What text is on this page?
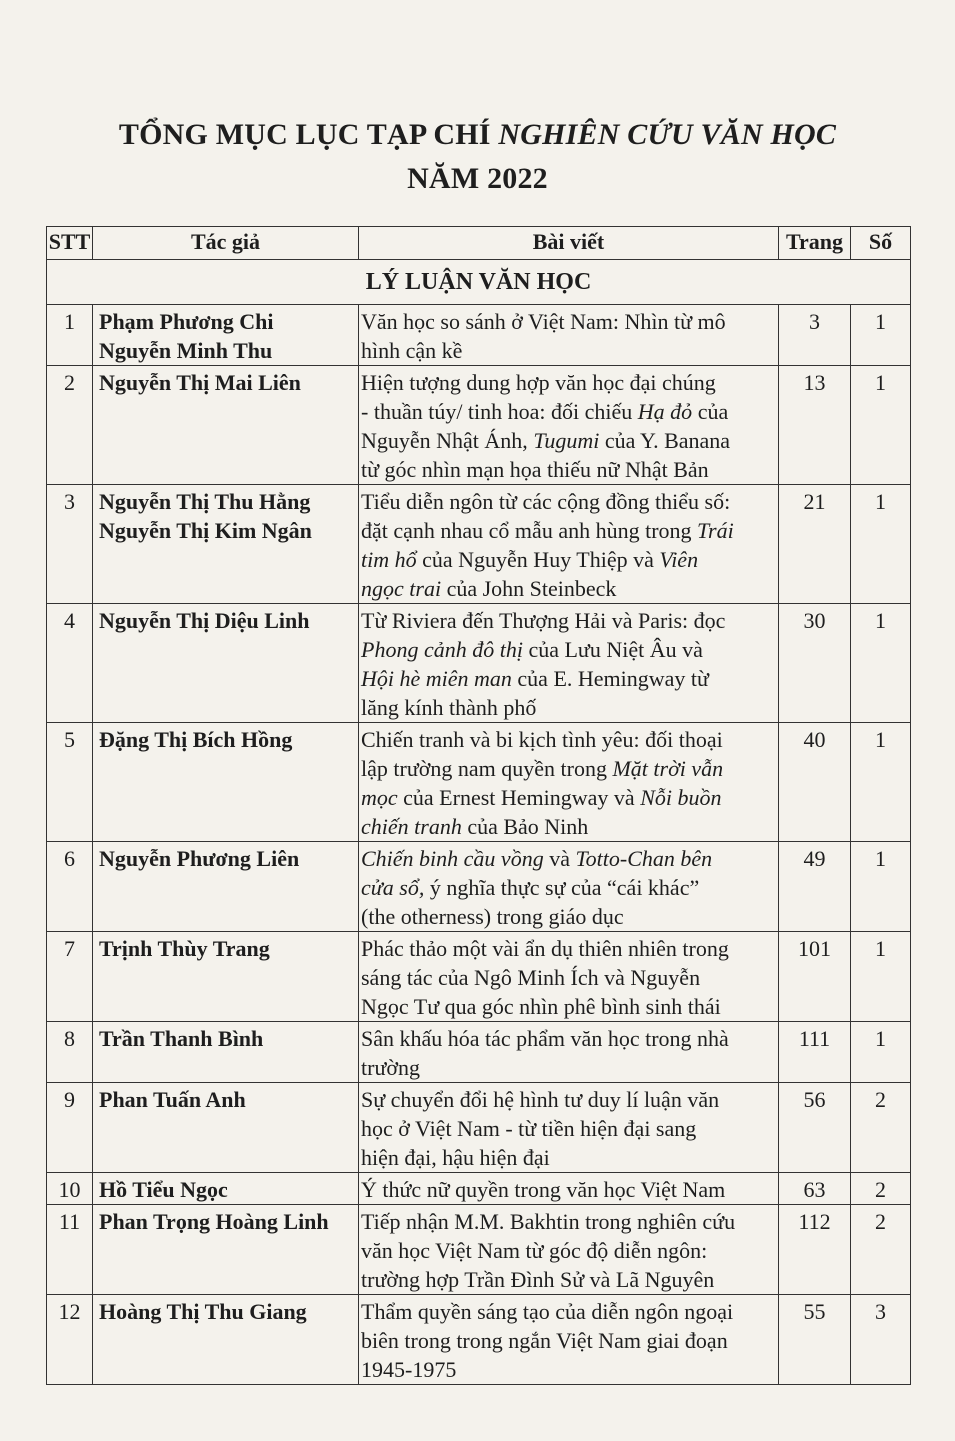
TỔNG MỤC LỤC TẠP CHÍ NGHIÊN CỨU VĂN HỌC
NĂM 2022
STT	Tác giả	Bài viết	Trang	Số
LÝ LUẬN VĂN HỌC				
1	Phạm Phương Chi
Nguyễn Minh Thu	Văn học so sánh ở Việt Nam: Nhìn từ mô
hình cận kề	3	1
2	Nguyễn Thị Mai Liên	Hiện tượng dung hợp văn học đại chúng
- thuần túy/ tinh hoa: đối chiếu Hạ đỏ của
Nguyễn Nhật Ánh, Tugumi của Y. Banana
từ góc nhìn mạn họa thiếu nữ Nhật Bản	13	1
3	Nguyễn Thị Thu Hằng
Nguyễn Thị Kim Ngân	Tiểu diễn ngôn từ các cộng đồng thiểu số:
đặt cạnh nhau cổ mẫu anh hùng trong Trái
tim hổ của Nguyễn Huy Thiệp và Viên
ngọc trai của John Steinbeck	21	1
4	Nguyễn Thị Diệu Linh	Từ Riviera đến Thượng Hải và Paris: đọc
Phong cảnh đô thị của Lưu Niệt Âu và
Hội hè miên man của E. Hemingway từ
lăng kính thành phố	30	1
5	Đặng Thị Bích Hồng	Chiến tranh và bi kịch tình yêu: đối thoại
lập trường nam quyền trong Mặt trời vẫn
mọc của Ernest Hemingway và Nỗi buồn
chiến tranh của Bảo Ninh	40	1
6	Nguyễn Phương Liên	Chiến binh cầu vồng và Totto-Chan bên
cửa sổ, ý nghĩa thực sự của “cái khác”
(the otherness) trong giáo dục	49	1
7	Trịnh Thùy Trang	Phác thảo một vài ẩn dụ thiên nhiên trong
sáng tác của Ngô Minh Ích và Nguyễn
Ngọc Tư qua góc nhìn phê bình sinh thái	101	1
8	Trần Thanh Bình	Sân khấu hóa tác phẩm văn học trong nhà
trường	111	1
9	Phan Tuấn Anh	Sự chuyển đổi hệ hình tư duy lí luận văn
học ở Việt Nam - từ tiền hiện đại sang
hiện đại, hậu hiện đại	56	2
10	Hồ Tiểu Ngọc	Ý thức nữ quyền trong văn học Việt Nam	63	2
11	Phan Trọng Hoàng Linh	Tiếp nhận M.M. Bakhtin trong nghiên cứu
văn học Việt Nam từ góc độ diễn ngôn:
trường hợp Trần Đình Sử và Lã Nguyên	112	2
12	Hoàng Thị Thu Giang	Thẩm quyền sáng tạo của diễn ngôn ngoại
biên trong trong ngắn Việt Nam giai đoạn
1945-1975	55	3
